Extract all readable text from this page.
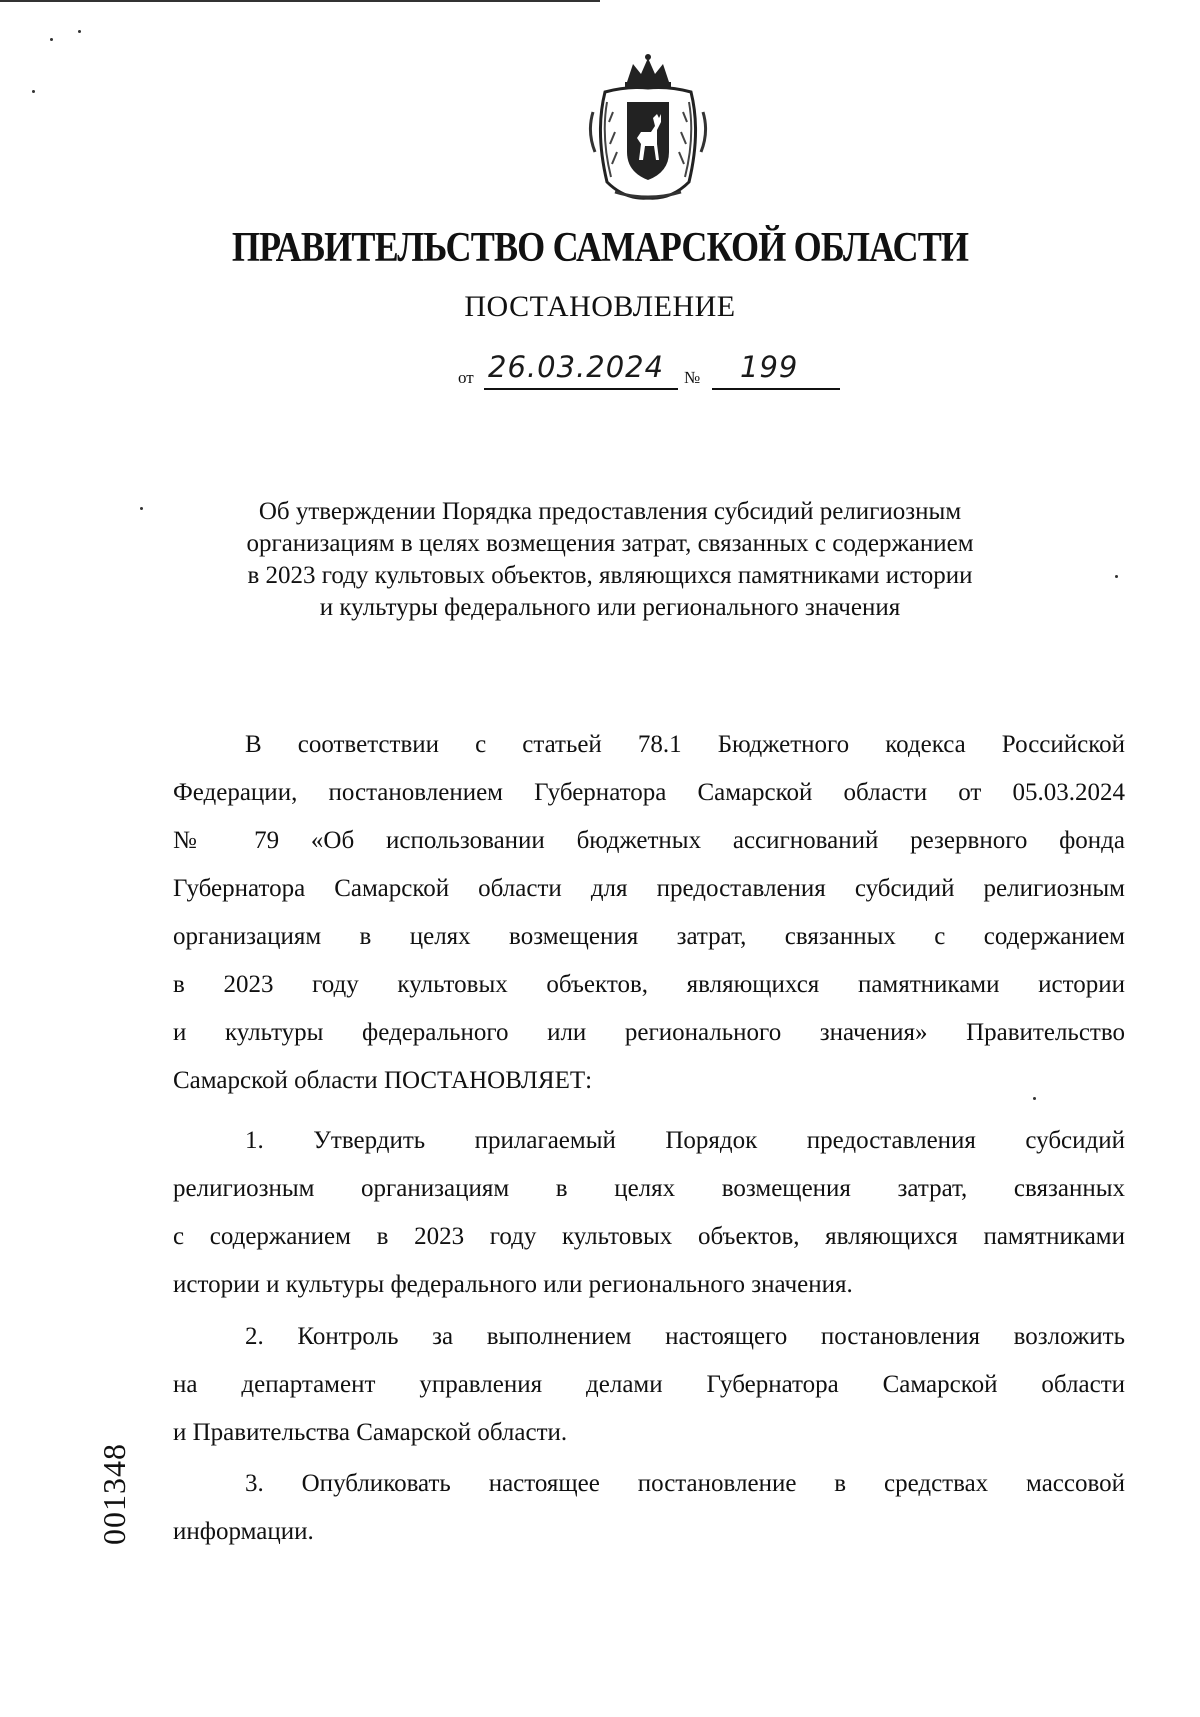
ПРАВИТЕЛЬСТВО САМАРСКОЙ ОБЛАСТИ
ПОСТАНОВЛЕНИЕ
от 26.03.2024 № 199
Об утверждении Порядка предоставления субсидий религиозным
организациям в целях возмещения затрат, связанных с содержанием
в 2023 году культовых объектов, являющихся памятниками истории
и культуры федерального или регионального значения
В соответствии с статьей 78.1 Бюджетного кодекса Российской
Федерации, постановлением Губернатора Самарской области от 05.03.2024
№ 79 «Об использовании бюджетных ассигнований резервного фонда
Губернатора Самарской области для предоставления субсидий религиозным
организациям в целях возмещения затрат, связанных с содержанием
в 2023 году культовых объектов, являющихся памятниками истории
и культуры федерального или регионального значения» Правительство
Самарской области ПОСТАНОВЛЯЕТ:
1. Утвердить прилагаемый Порядок предоставления субсидий
религиозным организациям в целях возмещения затрат, связанных
с содержанием в 2023 году культовых объектов, являющихся памятниками
истории и культуры федерального или регионального значения.
2. Контроль за выполнением настоящего постановления возложить
на департамент управления делами Губернатора Самарской области
и Правительства Самарской области.
3. Опубликовать настоящее постановление в средствах массовой
информации.
001348
